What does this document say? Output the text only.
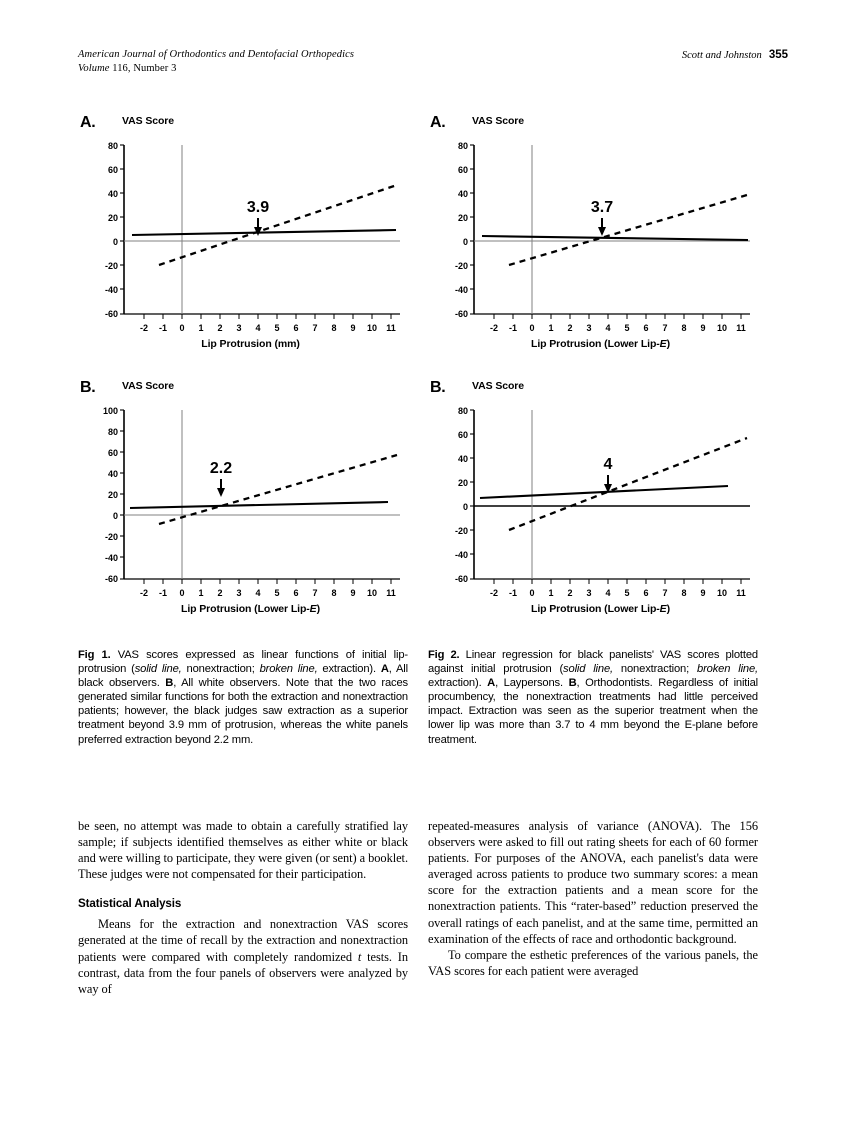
American Journal of Orthodontics and Dentofacial Orthopedics
Volume 116, Number 3
Scott and Johnston 355
A.	VAS Score
80
60
40
20
0
-20
-40
-60
-2 -1 0 1 2 3 4 5 6 7 8 9 10 11
3.9
Lip Protrusion (mm)
A.	VAS Score
80
60
40
20
0
-20
-40
-60
-2 -1 0 1 2 3 4 5 6 7 8 9 10 11
3.7
Lip Protrusion (Lower Lip-E)
B.	VAS Score
100
80
60
40
20
0
-20
-40
-60
-2 -1 0 1 2 3 4 5 6 7 8 9 10 11
2.2
Lip Protrusion (Lower Lip-E)
B.	VAS Score
80
60
40
20
0
-20
-40
-60
-2 -1 0 1 2 3 4 5 6 7 8 9 10 11
4
Lip Protrusion (Lower Lip-E)
Fig 1. VAS scores expressed as linear functions of initial lip-protrusion (solid line, nonextraction; broken line, extraction). A, All black observers. B, All white observers. Note that the two races generated similar functions for both the extraction and nonextraction patients; however, the black judges saw extraction as a superior treatment beyond 3.9 mm of protrusion, whereas the white panels preferred extraction beyond 2.2 mm.
Fig 2. Linear regression for black panelists' VAS scores plotted against initial protrusion (solid line, nonextraction; broken line, extraction). A, Laypersons. B, Orthodontists. Regardless of initial procumbency, the nonextraction treatments had little perceived impact. Extraction was seen as the superior treatment when the lower lip was more than 3.7 to 4 mm beyond the E-plane before treatment.

be seen, no attempt was made to obtain a carefully stratified lay sample; if subjects identified themselves as either white or black and were willing to participate, they were given (or sent) a booklet. These judges were not compensated for their participation.

Statistical Analysis

Means for the extraction and nonextraction VAS scores generated at the time of recall by the extraction and nonextraction patients were compared with completely randomized t tests. In contrast, data from the four panels of observers were analyzed by way of

repeated-measures analysis of variance (ANOVA). The 156 observers were asked to fill out rating sheets for each of 60 former patients. For purposes of the ANOVA, each panelist's data were averaged across patients to produce two summary scores: a mean score for the extraction patients and a mean score for the nonextraction patients. This “rater-based” reduction preserved the overall ratings of each panelist, and at the same time, permitted an examination of the effects of race and orthodontic background.

To compare the esthetic preferences of the various panels, the VAS scores for each patient were averaged
